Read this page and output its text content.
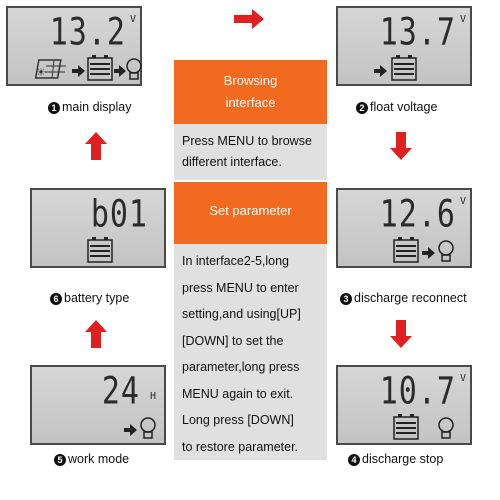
13.2 V
☀
1 main display
13.7 V
2 float voltage
12.6 V
3 discharge reconnect
10.7 V
4 discharge stop
24 H
5 work mode
b01
6 battery type
Browsing
interface
Press MENU to browse
different interface.
Set parameter
In interface2-5,long
press MENU to enter
setting,and using[UP]
[DOWN] to set the
parameter,long press
MENU again to exit.
Long press [DOWN]
to restore parameter.
